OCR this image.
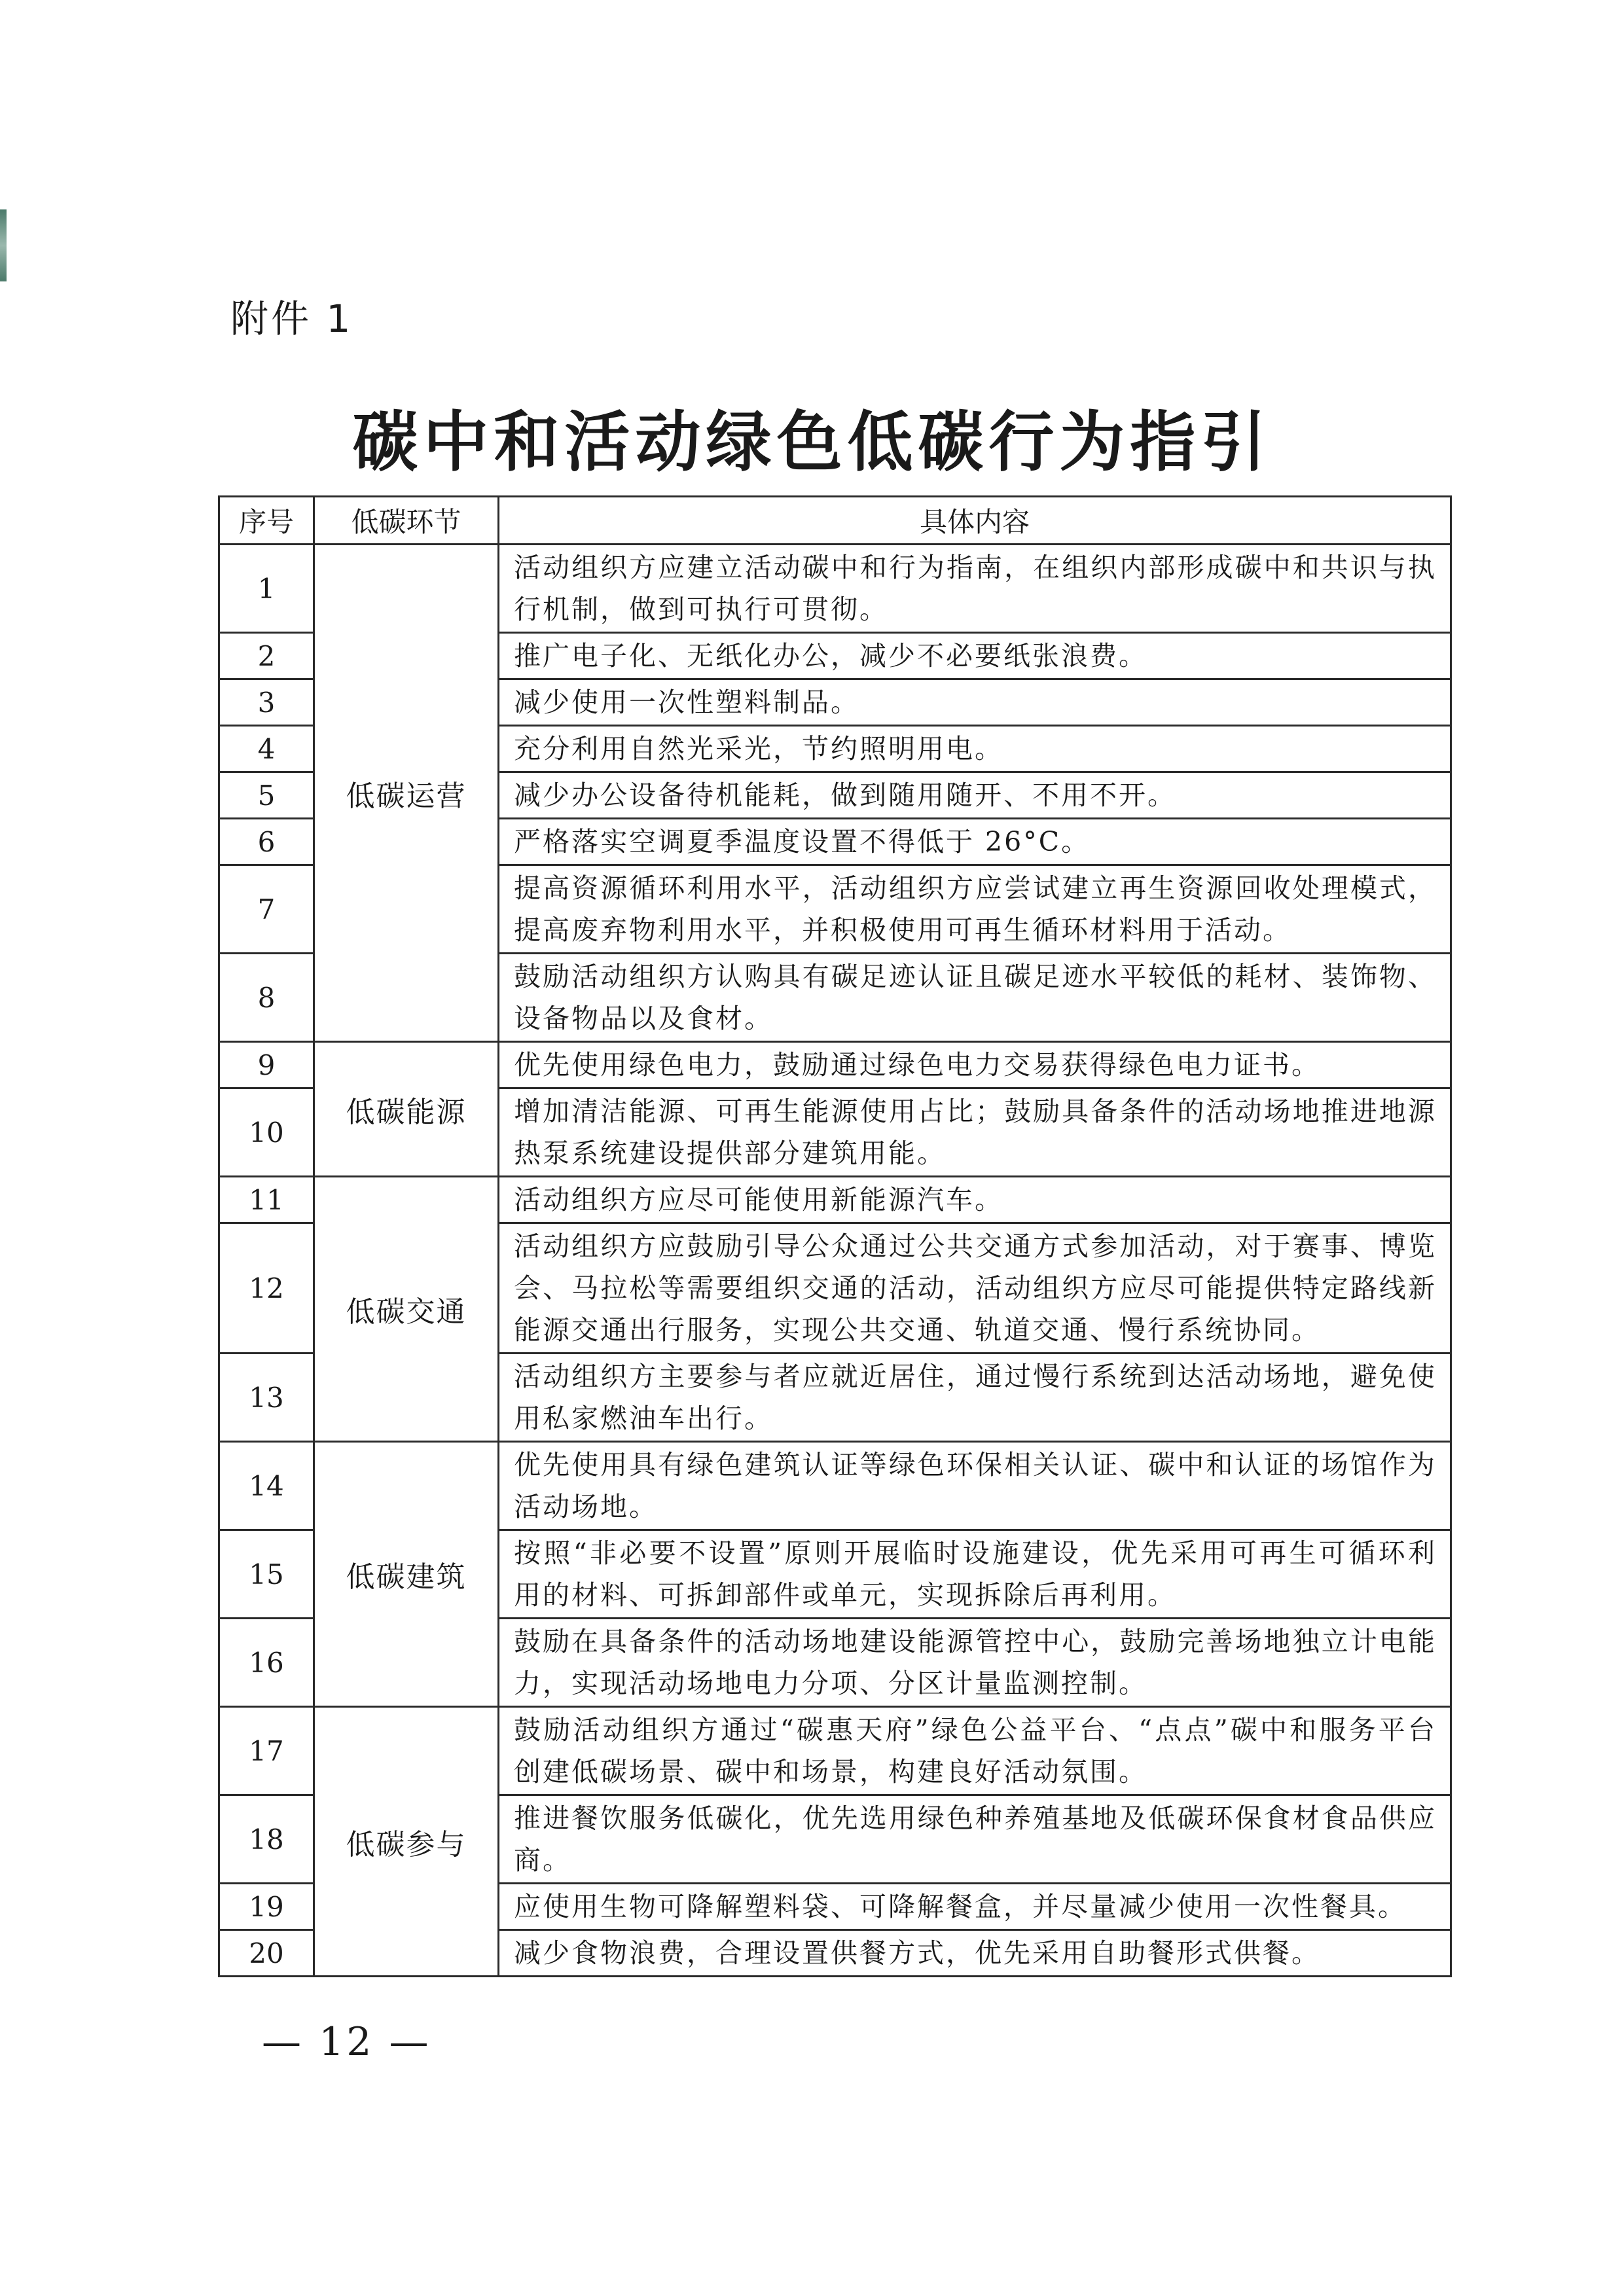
附件 1
碳中和活动绿色低碳行为指引
序号	低碳环节	具体内容
1	低碳运营	活动组织方应建立活动碳中和行为指南，在组织内部形成碳中和共识与执行机制，做到可执行可贯彻。
2		推广电子化、无纸化办公，减少不必要纸张浪费。
3		减少使用一次性塑料制品。
4		充分利用自然光采光，节约照明用电。
5		减少办公设备待机能耗，做到随用随开、不用不开。
6		严格落实空调夏季温度设置不得低于 26°C。
7		提高资源循环利用水平，活动组织方应尝试建立再生资源回收处理模式，提高废弃物利用水平，并积极使用可再生循环材料用于活动。
8		鼓励活动组织方认购具有碳足迹认证且碳足迹水平较低的耗材、装饰物、设备物品以及食材。
9	低碳能源	优先使用绿色电力，鼓励通过绿色电力交易获得绿色电力证书。
10		增加清洁能源、可再生能源使用占比；鼓励具备条件的活动场地推进地源热泵系统建设提供部分建筑用能。
11	低碳交通	活动组织方应尽可能使用新能源汽车。
12		活动组织方应鼓励引导公众通过公共交通方式参加活动，对于赛事、博览会、马拉松等需要组织交通的活动，活动组织方应尽可能提供特定路线新能源交通出行服务，实现公共交通、轨道交通、慢行系统协同。
13		活动组织方主要参与者应就近居住，通过慢行系统到达活动场地，避免使用私家燃油车出行。
14	低碳建筑	优先使用具有绿色建筑认证等绿色环保相关认证、碳中和认证的场馆作为活动场地。
15		按照“非必要不设置”原则开展临时设施建设，优先采用可再生可循环利用的材料、可拆卸部件或单元，实现拆除后再利用。
16		鼓励在具备条件的活动场地建设能源管控中心，鼓励完善场地独立计电能力，实现活动场地电力分项、分区计量监测控制。
17	低碳参与	鼓励活动组织方通过“碳惠天府”绿色公益平台、“点点”碳中和服务平台创建低碳场景、碳中和场景，构建良好活动氛围。
18		推进餐饮服务低碳化，优先选用绿色种养殖基地及低碳环保食材食品供应商。
19		应使用生物可降解塑料袋、可降解餐盒，并尽量减少使用一次性餐具。
20		减少食物浪费，合理设置供餐方式，优先采用自助餐形式供餐。
— 12 —
